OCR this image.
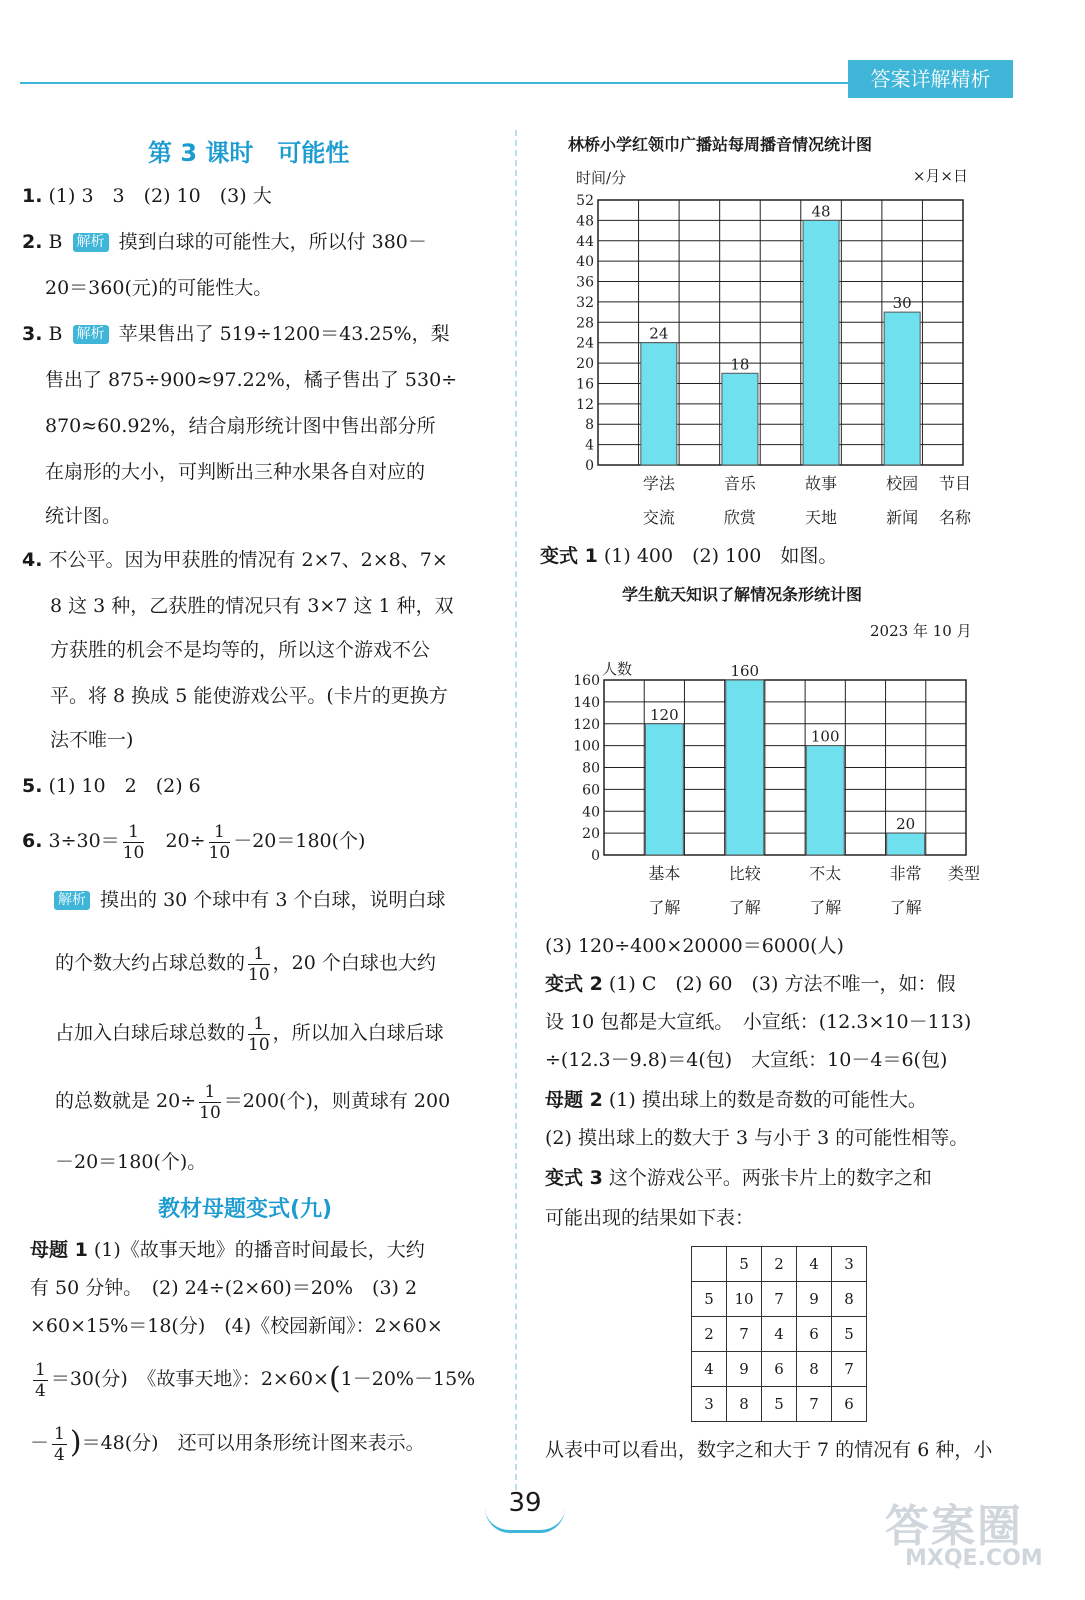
答案详解精析
第 3 课时　可能性
1. (1) 3　3　(2) 10　(3) 大
2. B 解析 摸到白球的可能性大，所以付 380－
20＝360(元)的可能性大。
3. B 解析 苹果售出了 519÷1200＝43.25%，梨
售出了 875÷900≈97.22%，橘子售出了 530÷
870≈60.92%，结合扇形统计图中售出部分所
在扇形的大小，可判断出三种水果各自对应的
统计图。
4. 不公平。因为甲获胜的情况有 2×7、2×8、7×
8 这 3 种，乙获胜的情况只有 3×7 这 1 种，双
方获胜的机会不是均等的，所以这个游戏不公
平。将 8 换成 5 能使游戏公平。(卡片的更换方
法不唯一)
5. (1) 10　2　(2) 6
6. $3\div 30= \frac{1}{10} 20\div \frac{1}{10} -20=180$(个)
解析 摸出的 30 个球中有 3 个白球，说明白球
的个数大约占球总数的 $\frac{1}{10}$ ，20 个白球也大约
占加入白球后球总数的 $\frac{1}{10}$ ，所以加入白球后球
的总数就是 $20\div \frac{1}{10} =200$(个)，则黄球有 200
－20＝180(个)。
教材母题变式(九)
母题 1 (1)《故事天地》的播音时间最长，大约
有 50 分钟。　(2) 24÷(2×60)＝20%　(3) 2
×60×15%＝18(分)　(4)《校园新闻》：2×60×
$\frac{1}{4} =30$(分)　《故事天地》：2×60×(1－20%－15%
－ $\frac{1}{4} )=48$(分)　还可以用条形统计图来表示。
林桥小学红领巾广播站每周播音情况统计图
0
4
8
12
16
20
24
28
32
36
40
44
48
52
24
学法
交流
18
音乐
欣赏
48
故事
天地
30
校园
新闻
时间/分	×月×日
节目
名称
变式 1 (1) 400　(2) 100　如图。
学生航天知识了解情况条形统计图
2023 年 10 月
0
20
40
60
80
100
120
140
160
120
基本
了解
160
比较
了解
100
不太
了解
20
非常
了解
人数
类型
(3) 120÷400×20000＝6000(人)
变式 2 (1) C　(2) 60　(3) 方法不唯一，如：假
设 10 包都是大宣纸。　小宣纸：(12.3×10－113)
÷(12.3－9.8)＝4(包)　大宣纸：10－4＝6(包)
母题 2 (1) 摸出球上的数是奇数的可能性大。
(2) 摸出球上的数大于 3 与小于 3 的可能性相等。
变式 3 这个游戏公平。两张卡片上的数字之和
可能出现的结果如下表：
	5	2	4	3
5	10	7	9	8
2	7	4	6	5
4	9	6	8	7
3	8	5	7	6
从表中可以看出，数字之和大于 7 的情况有 6 种，小
39	答案圈
MXQE.COM
